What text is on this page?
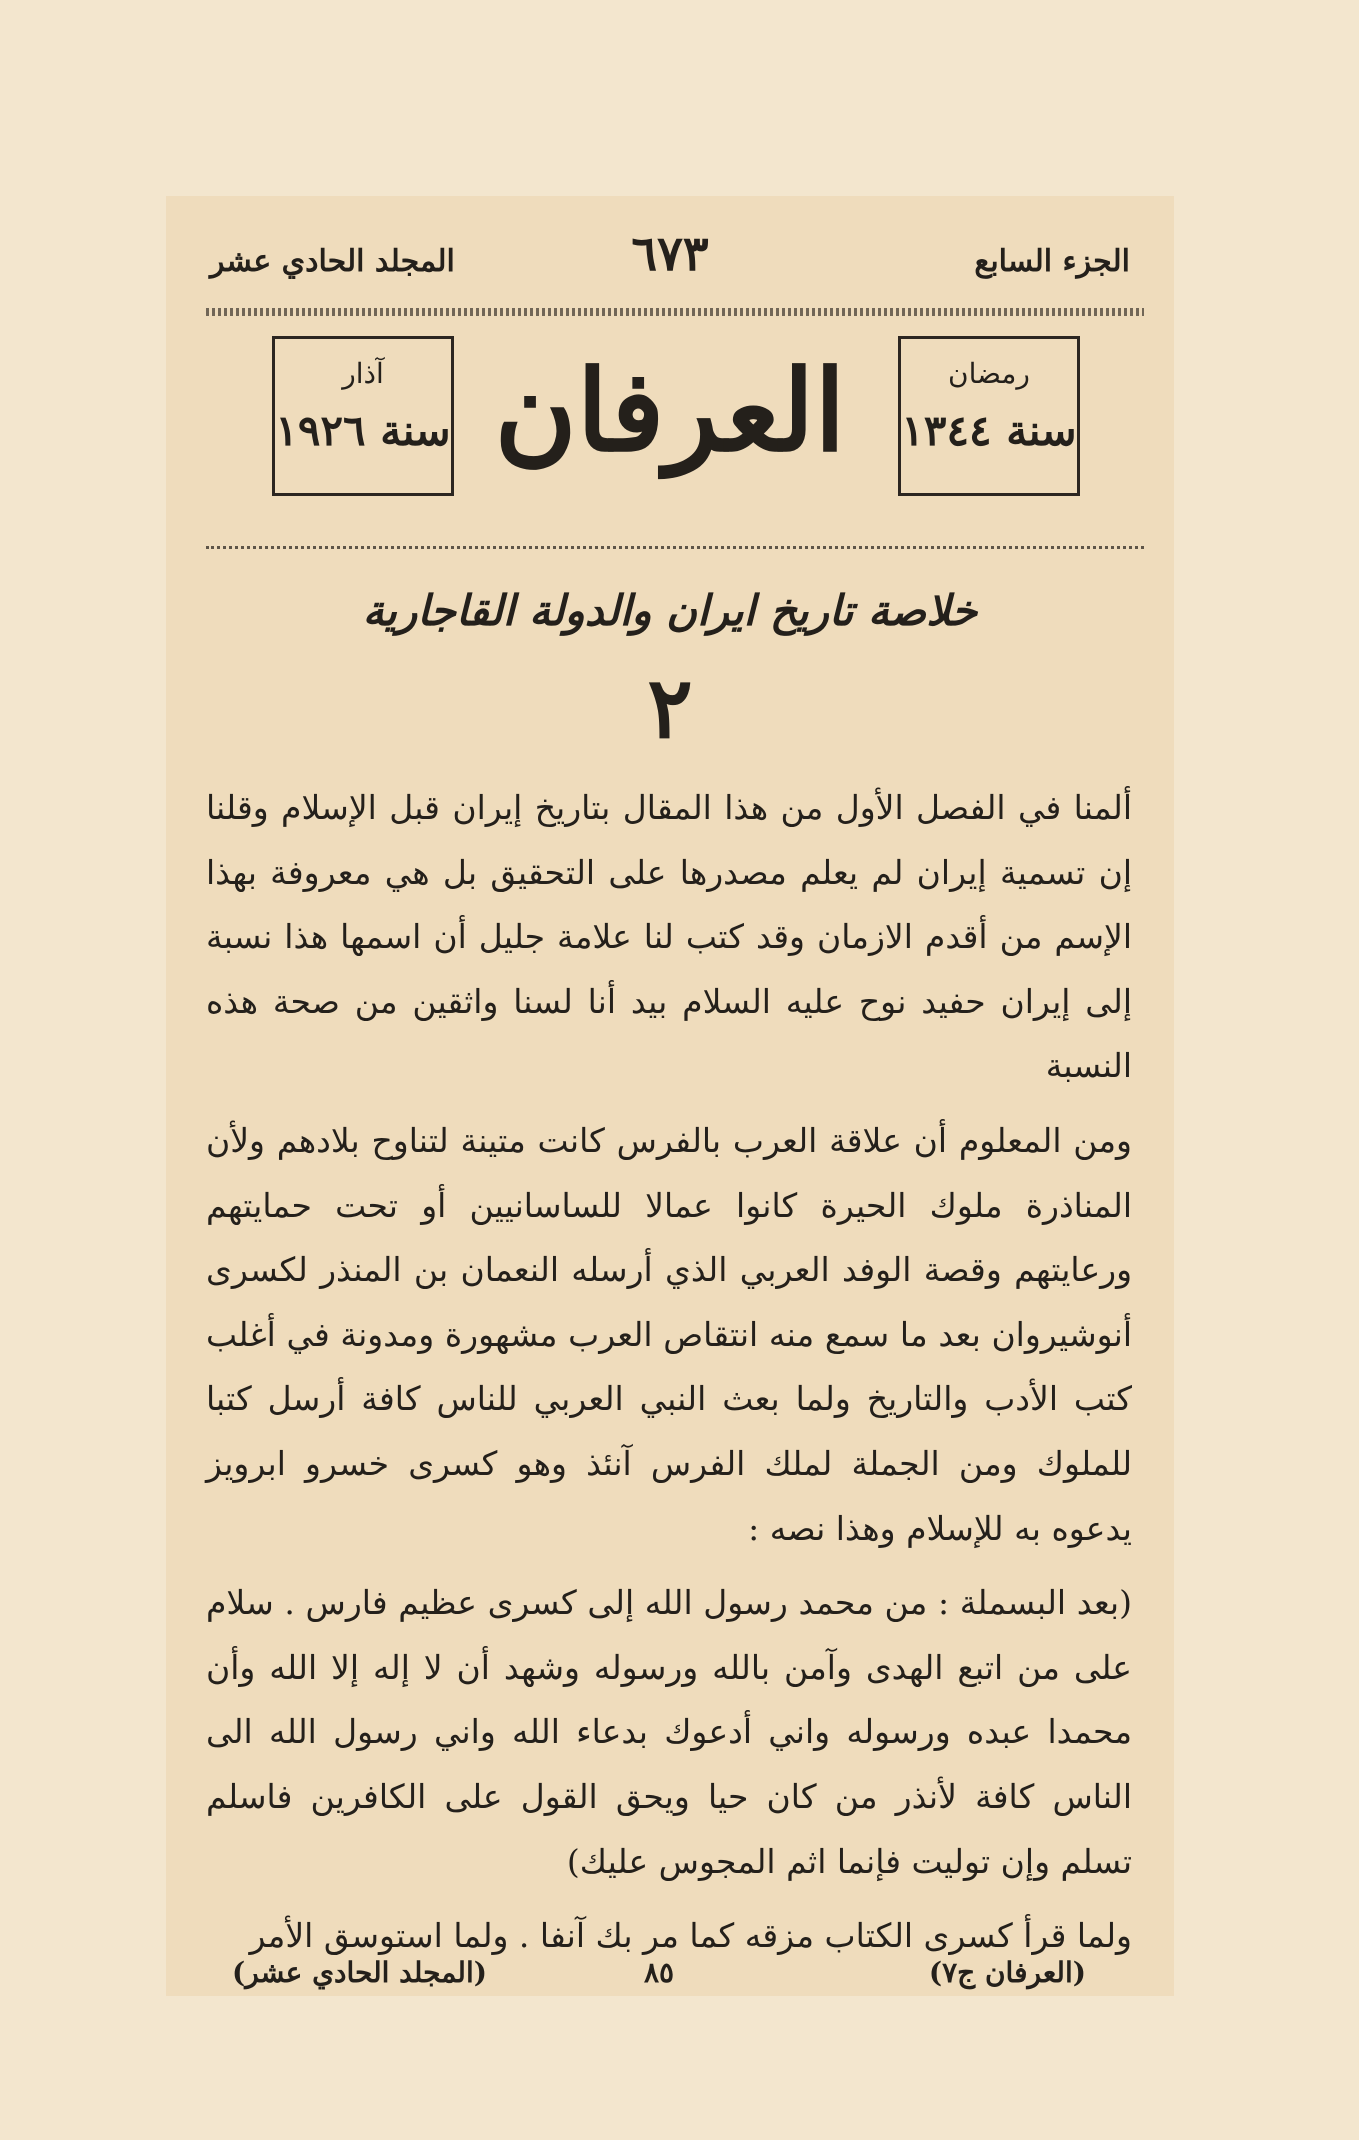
الجزء السابع
٦٧٣
المجلد الحادي عشر
رمضان
سنة ١٣٤٤
العرفان
آذار
سنة ١٩٢٦
خلاصة تاريخ ايران والدولة القاجارية
٢

ألمنا في الفصل الأول من هذا المقال بتاريخ إيران قبل الإسلام وقلنا إن تسمية إيران لم يعلم مصدرها على التحقيق بل هي معروفة بهذا الإسم من أقدم الازمان وقد كتب لنا علامة جليل أن اسمها هذا نسبة إلى إيران حفيد نوح عليه السلام بيد أنا لسنا واثقين من صحة هذه النسبة

ومن المعلوم أن علاقة العرب بالفرس كانت متينة لتناوح بلادهم ولأن المناذرة ملوك الحيرة كانوا عمالا للساسانيين أو تحت حمايتهم ورعايتهم وقصة الوفد العربي الذي أرسله النعمان بن المنذر لكسرى أنوشيروان بعد ما سمع منه انتقاص العرب مشهورة ومدونة في أغلب كتب الأدب والتاريخ ولما بعث النبي العربي للناس كافة أرسل كتبا للملوك ومن الجملة لملك الفرس آنئذ وهو كسرى خسرو ابرويز يدعوه به للإسلام وهذا نصه :

(بعد البسملة : من محمد رسول الله إلى كسرى عظيم فارس . سلام على من اتبع الهدى وآمن بالله ورسوله وشهد أن لا إله إلا الله وأن محمدا عبده ورسوله واني أدعوك بدعاء الله واني رسول الله الى الناس كافة لأنذر من كان حيا ويحق القول على الكافرين فاسلم تسلم وإن توليت فإنما اثم المجوس عليك)

ولما قرأ كسرى الكتاب مزقه كما مر بك آنفا . ولما استوسق الأمر

(العرفان ج٧)
٨٥
(المجلد الحادي عشر)
